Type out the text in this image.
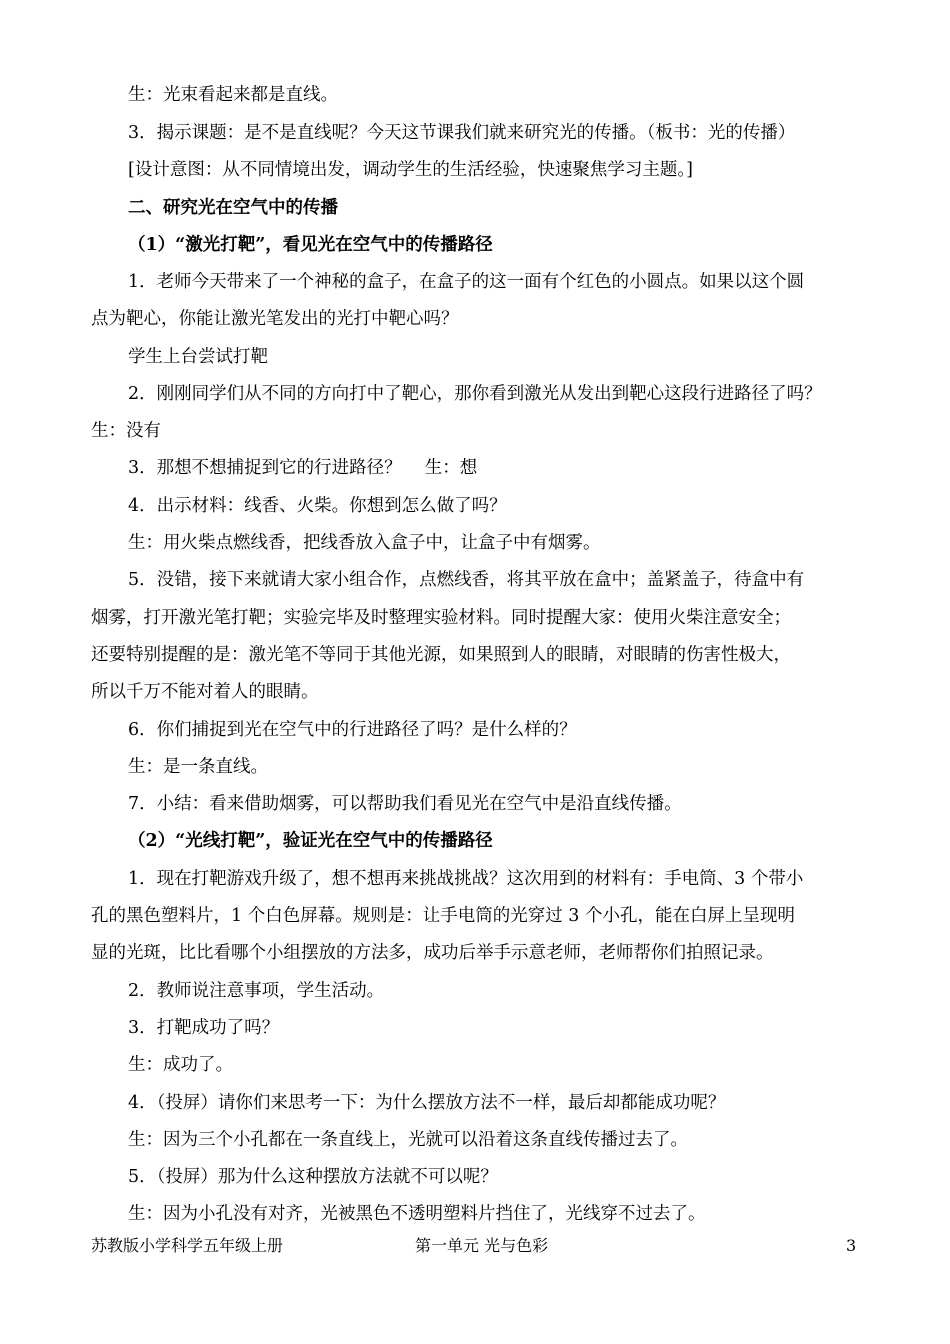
生：光束看起来都是直线。
3．揭示课题：是不是直线呢？今天这节课我们就来研究光的传播。（板书：光的传播）
[设计意图：从不同情境出发，调动学生的生活经验，快速聚焦学习主题。]
二、研究光在空气中的传播
（1）“激光打靶”，看见光在空气中的传播路径
1．老师今天带来了一个神秘的盒子，在盒子的这一面有个红色的小圆点。如果以这个圆
点为靶心，你能让激光笔发出的光打中靶心吗？
学生上台尝试打靶
2．刚刚同学们从不同的方向打中了靶心，那你看到激光从发出到靶心这段行进路径了吗？
生：没有
3．那想不想捕捉到它的行进路径？　 生：想
4．出示材料：线香、火柴。你想到怎么做了吗？
生：用火柴点燃线香，把线香放入盒子中，让盒子中有烟雾。
5．没错，接下来就请大家小组合作，点燃线香，将其平放在盒中；盖紧盖子，待盒中有
烟雾，打开激光笔打靶；实验完毕及时整理实验材料。同时提醒大家：使用火柴注意安全；
还要特别提醒的是：激光笔不等同于其他光源，如果照到人的眼睛，对眼睛的伤害性极大，
所以千万不能对着人的眼睛。
6．你们捕捉到光在空气中的行进路径了吗？是什么样的？
生：是一条直线。
7．小结：看来借助烟雾，可以帮助我们看见光在空气中是沿直线传播。
（2）“光线打靶”，验证光在空气中的传播路径
1．现在打靶游戏升级了，想不想再来挑战挑战？这次用到的材料有：手电筒、3 个带小
孔的黑色塑料片，1 个白色屏幕。规则是：让手电筒的光穿过 3 个小孔，能在白屏上呈现明
显的光斑，比比看哪个小组摆放的方法多，成功后举手示意老师，老师帮你们拍照记录。
2．教师说注意事项，学生活动。
3．打靶成功了吗？
生：成功了。
4．（投屏）请你们来思考一下：为什么摆放方法不一样，最后却都能成功呢？
生：因为三个小孔都在一条直线上，光就可以沿着这条直线传播过去了。
5．（投屏）那为什么这种摆放方法就不可以呢？
生：因为小孔没有对齐，光被黑色不透明塑料片挡住了，光线穿不过去了。
苏教版小学科学五年级上册	第一单元 光与色彩	3
